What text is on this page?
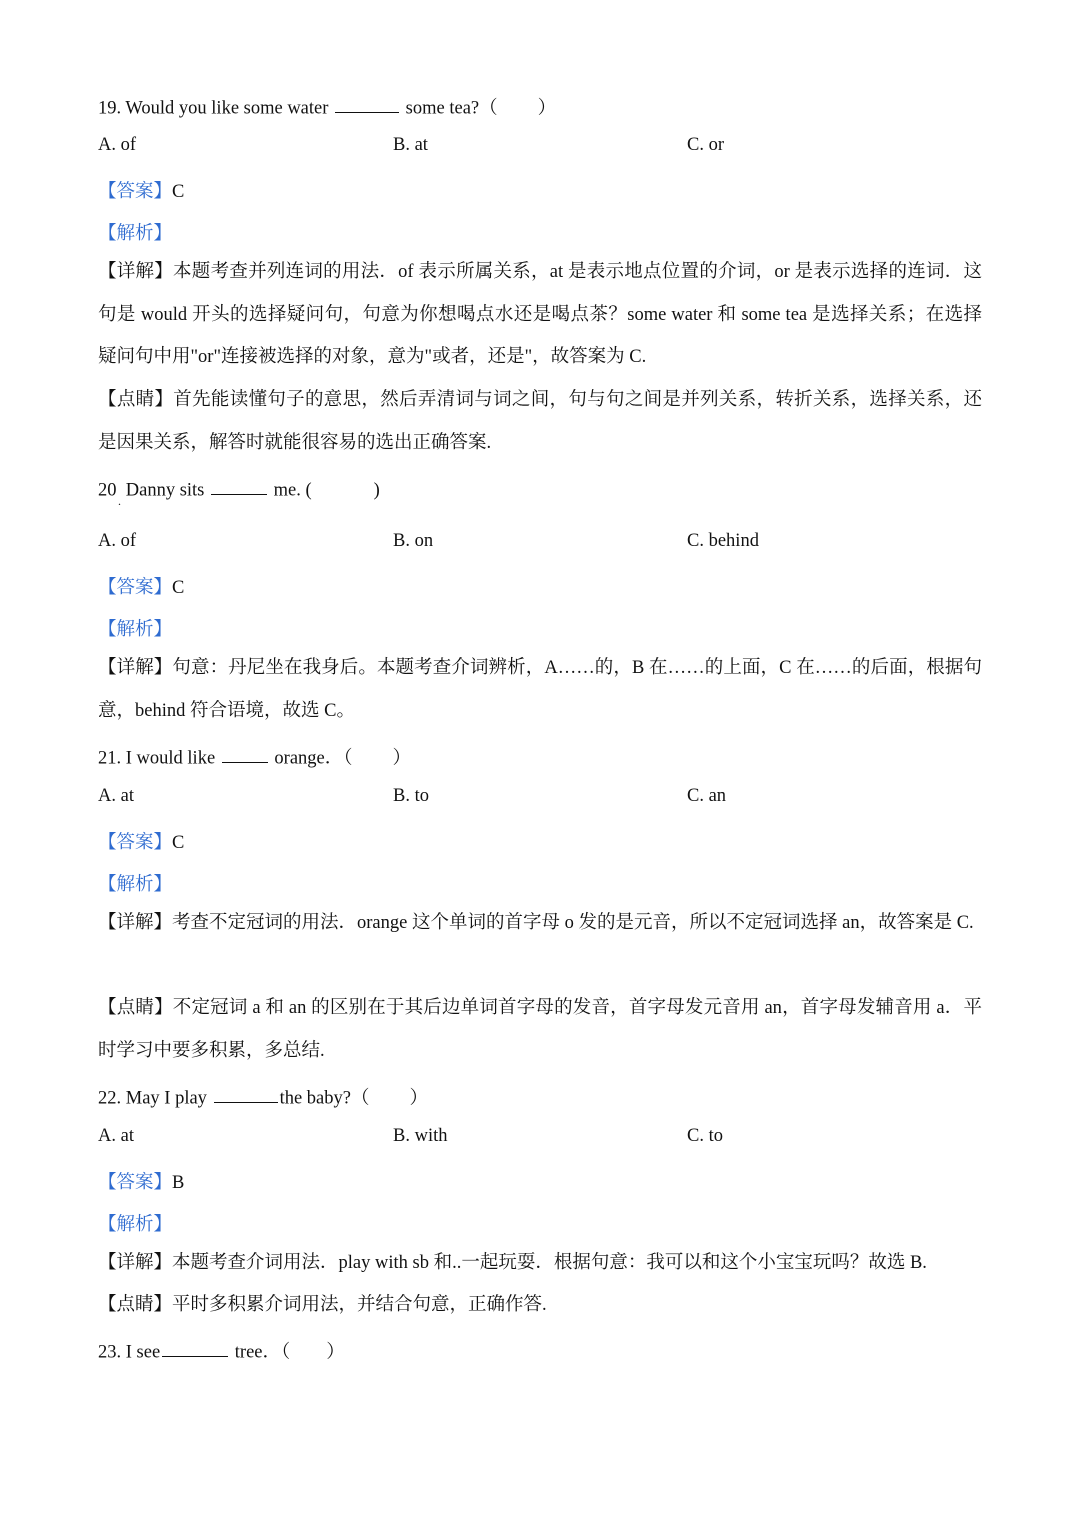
19. Would you like some water	some tea?（ ）
A. of	B. at	C. or
【答案】C
【解析】
【详解】本题考查并列连词的用法．of 表示所属关系，at 是表示地点位置的介词，or 是表示选择的连词．这句是 would 开头的选择疑问句，句意为你想喝点水还是喝点茶？some water 和 some tea 是选择关系；在选择疑问句中用"or"连接被选择的对象，意为"或者，还是"，故答案为 C.
【点睛】首先能读懂句子的意思，然后弄清词与词之间，句与句之间是并列关系，转折关系，选择关系，还是因果关系，解答时就能很容易的选出正确答案.
20 Danny sits	me. (	)
.
A. of	B. on	C. behind
【答案】C
【解析】
【详解】句意：丹尼坐在我身后。本题考查介词辨析，A……的，B 在……的上面，C 在……的后面，根据句意，behind 符合语境，故选 C。
21. I would like	orange．（ ）
A. at	B. to	C. an
【答案】C
【解析】
【详解】考查不定冠词的用法．orange 这个单词的首字母 o 发的是元音，所以不定冠词选择 an，故答案是 C.
【点睛】不定冠词 a 和 an 的区别在于其后边单词首字母的发音，首字母发元音用 an，首字母发辅音用 a．平时学习中要多积累，多总结.
22. May I play	the baby?（ ）
A. at	B. with	C. to
【答案】B
【解析】
【详解】本题考查介词用法．play with sb 和..一起玩耍．根据句意：我可以和这个小宝宝玩吗？故选 B.
【点睛】平时多积累介词用法，并结合句意，正确作答.
23. I see	tree．（ ）
